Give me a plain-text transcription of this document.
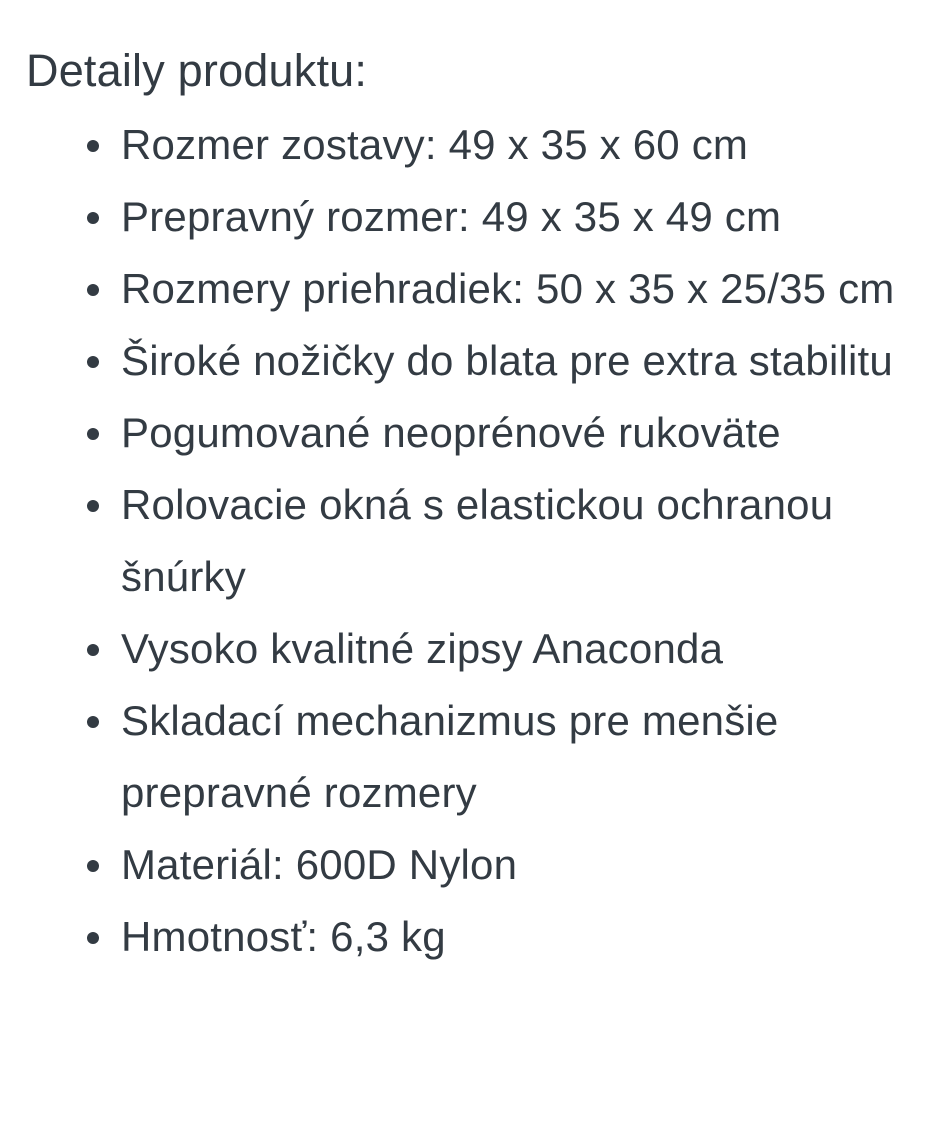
Detaily produktu:
Rozmer zostavy: 49 x 35 x 60 cm
Prepravný rozmer: 49 x 35 x 49 cm
Rozmery priehradiek: 50 x 35 x 25/35 cm
Široké nožičky do blata pre extra stabilitu
Pogumované neoprénové rukoväte
Rolovacie okná s elastickou ochranou šnúrky
Vysoko kvalitné zipsy Anaconda
Skladací mechanizmus pre menšie prepravné rozmery
Materiál: 600D Nylon
Hmotnosť: 6,3 kg
